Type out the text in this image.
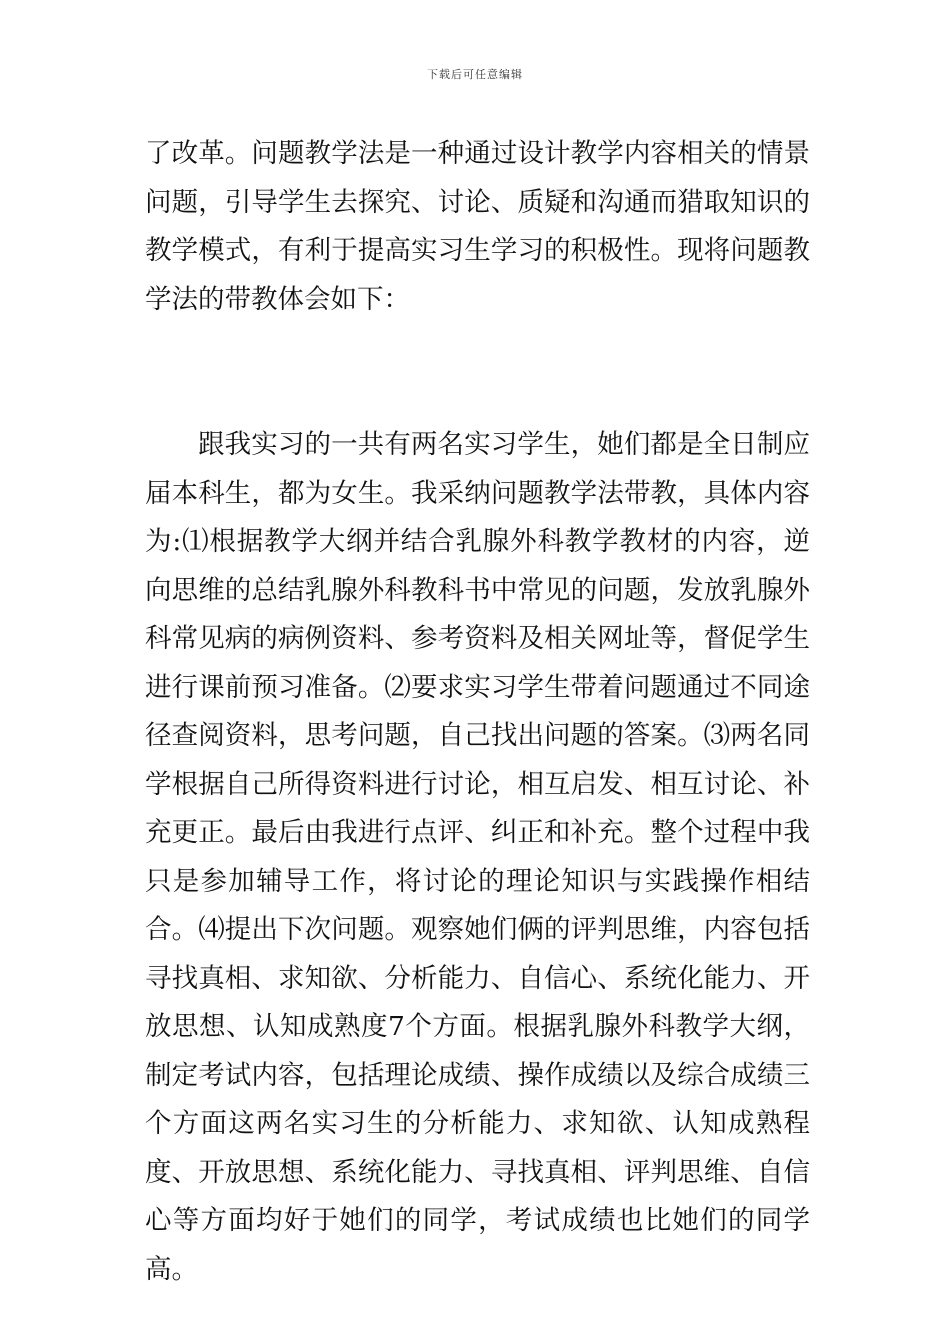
下载后可任意编辑

了改革。问题教学法是一种通过设计教学内容相关的情景问题，引导学生去探究、讨论、质疑和沟通而猎取知识的教学模式，有利于提高实习生学习的积极性。现将问题教学法的带教体会如下：

跟我实习的一共有两名实习学生，她们都是全日制应届本科生，都为女生。我采纳问题教学法带教，具体内容为:⑴根据教学大纲并结合乳腺外科教学教材的内容，逆向思维的总结乳腺外科教科书中常见的问题，发放乳腺外科常见病的病例资料、参考资料及相关网址等，督促学生进行课前预习准备。⑵要求实习学生带着问题通过不同途径查阅资料，思考问题，自己找出问题的答案。⑶两名同学根据自己所得资料进行讨论，相互启发、相互讨论、补充更正。最后由我进行点评、纠正和补充。整个过程中我只是参加辅导工作，将讨论的理论知识与实践操作相结合。⑷提出下次问题。观察她们俩的评判思维，内容包括寻找真相、求知欲、分析能力、自信心、系统化能力、开放思想、认知成熟度7个方面。根据乳腺外科教学大纲，制定考试内容，包括理论成绩、操作成绩以及综合成绩三个方面这两名实习生的分析能力、求知欲、认知成熟程度、开放思想、系统化能力、寻找真相、评判思维、自信心等方面均好于她们的同学，考试成绩也比她们的同学高。
